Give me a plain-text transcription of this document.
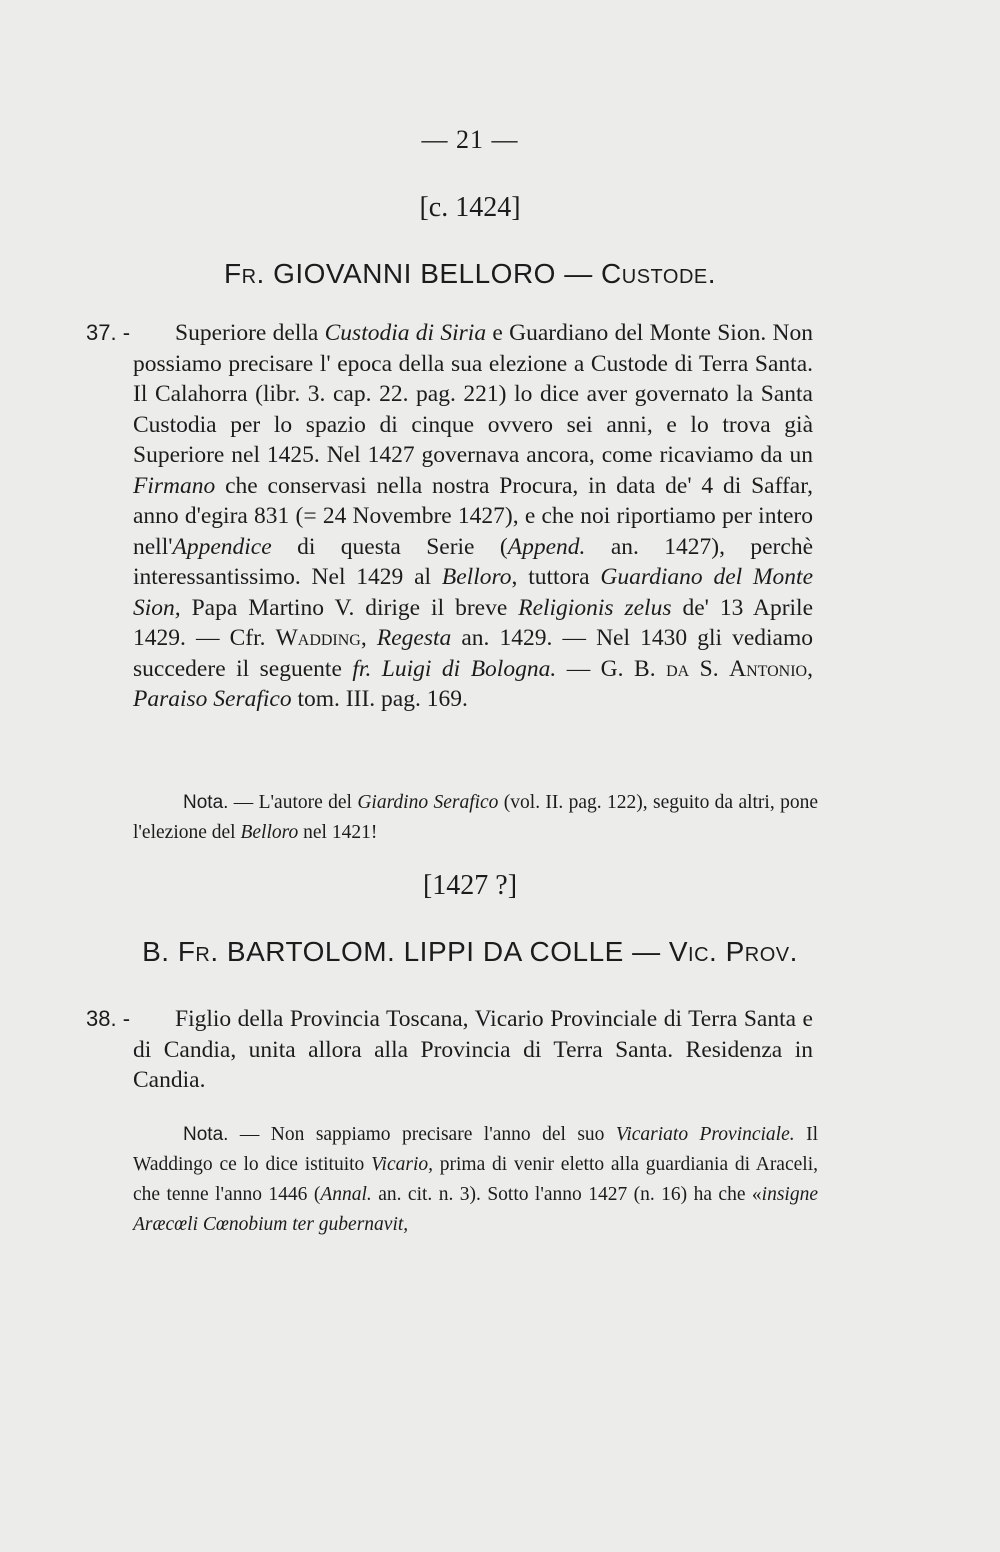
— 21 —
[c. 1424]
Fr. GIOVANNI BELLORO — Custode.
37. -	Superiore della Custodia di Siria e Guardiano del Monte Sion. Non possiamo precisare l' epoca della sua elezione a Custode di Terra Santa. Il Calahorra (libr. 3. cap. 22. pag. 221) lo dice aver governato la Santa Custodia per lo spazio di cinque ovvero sei anni, e lo trova già Superiore nel 1425. Nel 1427 governava ancora, come ricaviamo da un Firmano che conservasi nella nostra Procura, in data de' 4 di Saffar, anno d'egira 831 (= 24 Novembre 1427), e che noi riportiamo per intero nell'Appendice di questa Serie (Append. an. 1427), perchè interessantissimo. Nel 1429 al Belloro, tuttora Guardiano del Monte Sion, Papa Martino V. dirige il breve Religionis zelus de' 13 Aprile 1429. — Cfr. Wadding, Regesta an. 1429. — Nel 1430 gli vediamo succedere il seguente fr. Luigi di Bologna. — G. B. da S. Antonio, Paraiso Serafico tom. III. pag. 169.

Nota. — L'autore del Giardino Serafico (vol. II. pag. 122), seguito da altri, pone l'elezione del Belloro nel 1421!

[1427 ?]
B. Fr. BARTOLOM. LIPPI DA COLLE — Vic. Prov.
38. -	Figlio della Provincia Toscana, Vicario Provinciale di Terra Santa e di Candia, unita allora alla Provincia di Terra Santa. Residenza in Candia.

Nota. — Non sappiamo precisare l'anno del suo Vicariato Provinciale. Il Waddingo ce lo dice istituito Vicario, prima di venir eletto alla guardiania di Araceli, che tenne l'anno 1446 (Annal. an. cit. n. 3). Sotto l'anno 1427 (n. 16) ha che «insigne Aræcœli Cœnobium ter gubernavit,
